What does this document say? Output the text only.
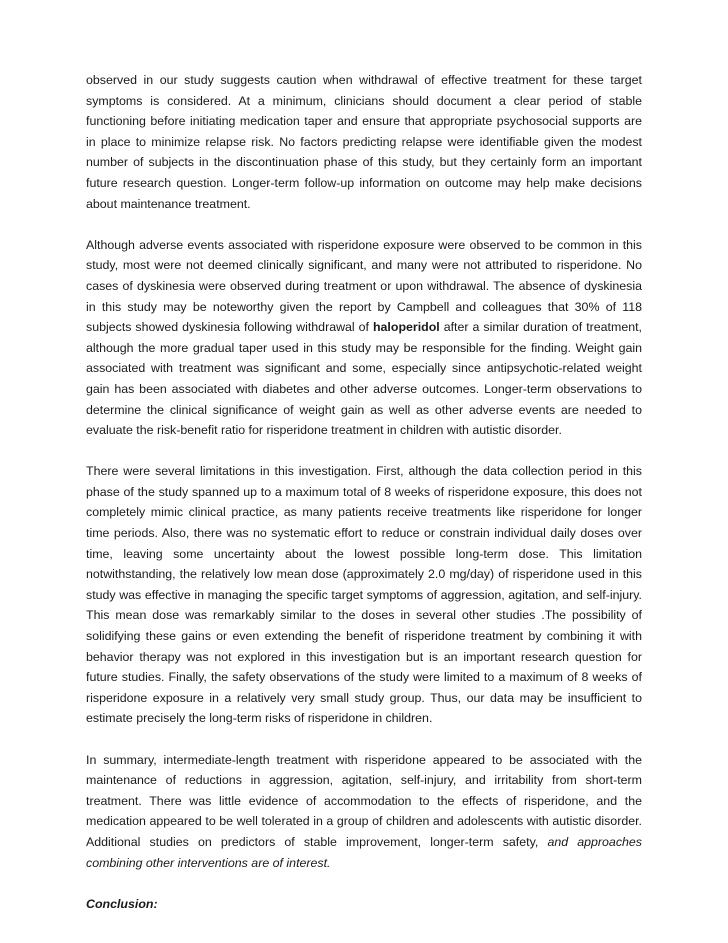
observed in our study suggests caution when withdrawal of effective treatment for these target symptoms is considered. At a minimum, clinicians should document a clear period of stable functioning before initiating medication taper and ensure that appropriate psychosocial supports are in place to minimize relapse risk. No factors predicting relapse were identifiable given the modest number of subjects in the discontinuation phase of this study, but they certainly form an important future research question. Longer-term follow-up information on outcome may help make decisions about maintenance treatment.

Although adverse events associated with risperidone exposure were observed to be common in this study, most were not deemed clinically significant, and many were not attributed to risperidone. No cases of dyskinesia were observed during treatment or upon withdrawal. The absence of dyskinesia in this study may be noteworthy given the report by Campbell and colleagues that 30% of 118 subjects showed dyskinesia following withdrawal of haloperidol after a similar duration of treatment, although the more gradual taper used in this study may be responsible for the finding. Weight gain associated with treatment was significant and some, especially since antipsychotic-related weight gain has been associated with diabetes and other adverse outcomes. Longer-term observations to determine the clinical significance of weight gain as well as other adverse events are needed to evaluate the risk-benefit ratio for risperidone treatment in children with autistic disorder.

There were several limitations in this investigation. First, although the data collection period in this phase of the study spanned up to a maximum total of 8 weeks of risperidone exposure, this does not completely mimic clinical practice, as many patients receive treatments like risperidone for longer time periods. Also, there was no systematic effort to reduce or constrain individual daily doses over time, leaving some uncertainty about the lowest possible long-term dose. This limitation notwithstanding, the relatively low mean dose (approximately 2.0 mg/day) of risperidone used in this study was effective in managing the specific target symptoms of aggression, agitation, and self-injury. This mean dose was remarkably similar to the doses in several other studies .The possibility of solidifying these gains or even extending the benefit of risperidone treatment by combining it with behavior therapy was not explored in this investigation but is an important research question for future studies. Finally, the safety observations of the study were limited to a maximum of 8 weeks of risperidone exposure in a relatively very small study group. Thus, our data may be insufficient to estimate precisely the long-term risks of risperidone in children.

In summary, intermediate-length treatment with risperidone appeared to be associated with the maintenance of reductions in aggression, agitation, self-injury, and irritability from short-term treatment. There was little evidence of accommodation to the effects of risperidone, and the medication appeared to be well tolerated in a group of children and adolescents with autistic disorder. Additional studies on predictors of stable improvement, longer-term safety, and approaches combining other interventions are of interest.

Conclusion:
